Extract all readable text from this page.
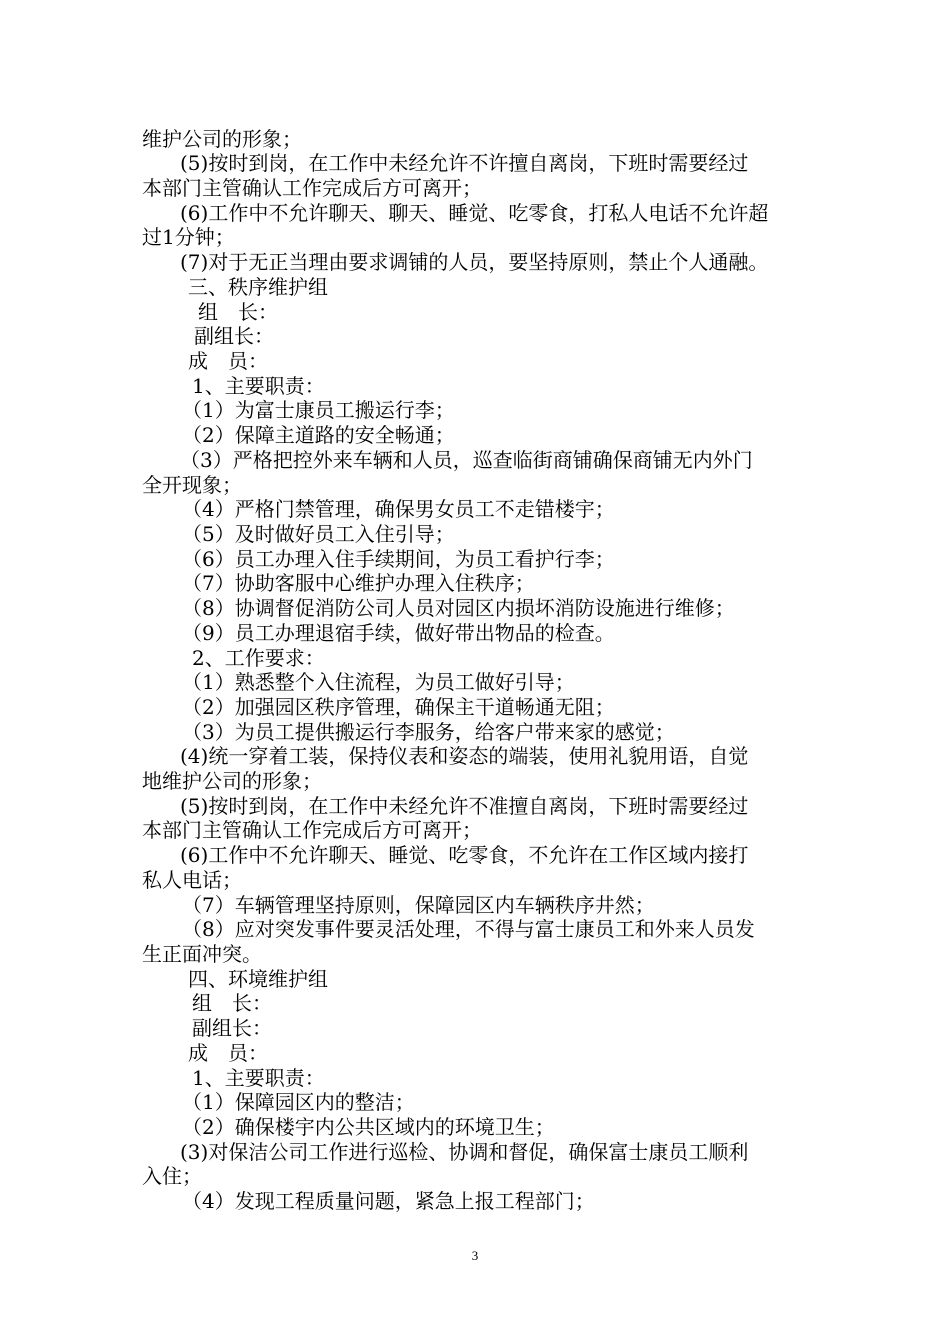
维护公司的形象；
(5)按时到岗，在工作中未经允许不许擅自离岗，下班时需要经过
本部门主管确认工作完成后方可离开；
(6)工作中不允许聊天、聊天、睡觉、吃零食，打私人电话不允许超
过1分钟；
(7)对于无正当理由要求调铺的人员，要坚持原则，禁止个人通融。
三、秩序维护组
组　长：
副组长：
成　员：
1、主要职责：
（1）为富士康员工搬运行李；
（2）保障主道路的安全畅通；
（3）严格把控外来车辆和人员，巡查临街商铺确保商铺无内外门
全开现象；
（4）严格门禁管理，确保男女员工不走错楼宇；
（5）及时做好员工入住引导；
（6）员工办理入住手续期间，为员工看护行李；
（7）协助客服中心维护办理入住秩序；
（8）协调督促消防公司人员对园区内损坏消防设施进行维修；
（9）员工办理退宿手续，做好带出物品的检查。
2、工作要求：
（1）熟悉整个入住流程，为员工做好引导；
（2）加强园区秩序管理，确保主干道畅通无阻；
（3）为员工提供搬运行李服务，给客户带来家的感觉；
(4)统一穿着工装，保持仪表和姿态的端装，使用礼貌用语，自觉
地维护公司的形象；
(5)按时到岗，在工作中未经允许不准擅自离岗，下班时需要经过
本部门主管确认工作完成后方可离开；
(6)工作中不允许聊天、睡觉、吃零食，不允许在工作区域内接打
私人电话；
（7）车辆管理坚持原则，保障园区内车辆秩序井然；
（8）应对突发事件要灵活处理，不得与富士康员工和外来人员发
生正面冲突。
四、环境维护组
组　长：
副组长：
成　员：
1、主要职责：
（1）保障园区内的整洁；
（2）确保楼宇内公共区域内的环境卫生；
(3)对保洁公司工作进行巡检、协调和督促，确保富士康员工顺利
入住；
（4）发现工程质量问题，紧急上报工程部门；
3
